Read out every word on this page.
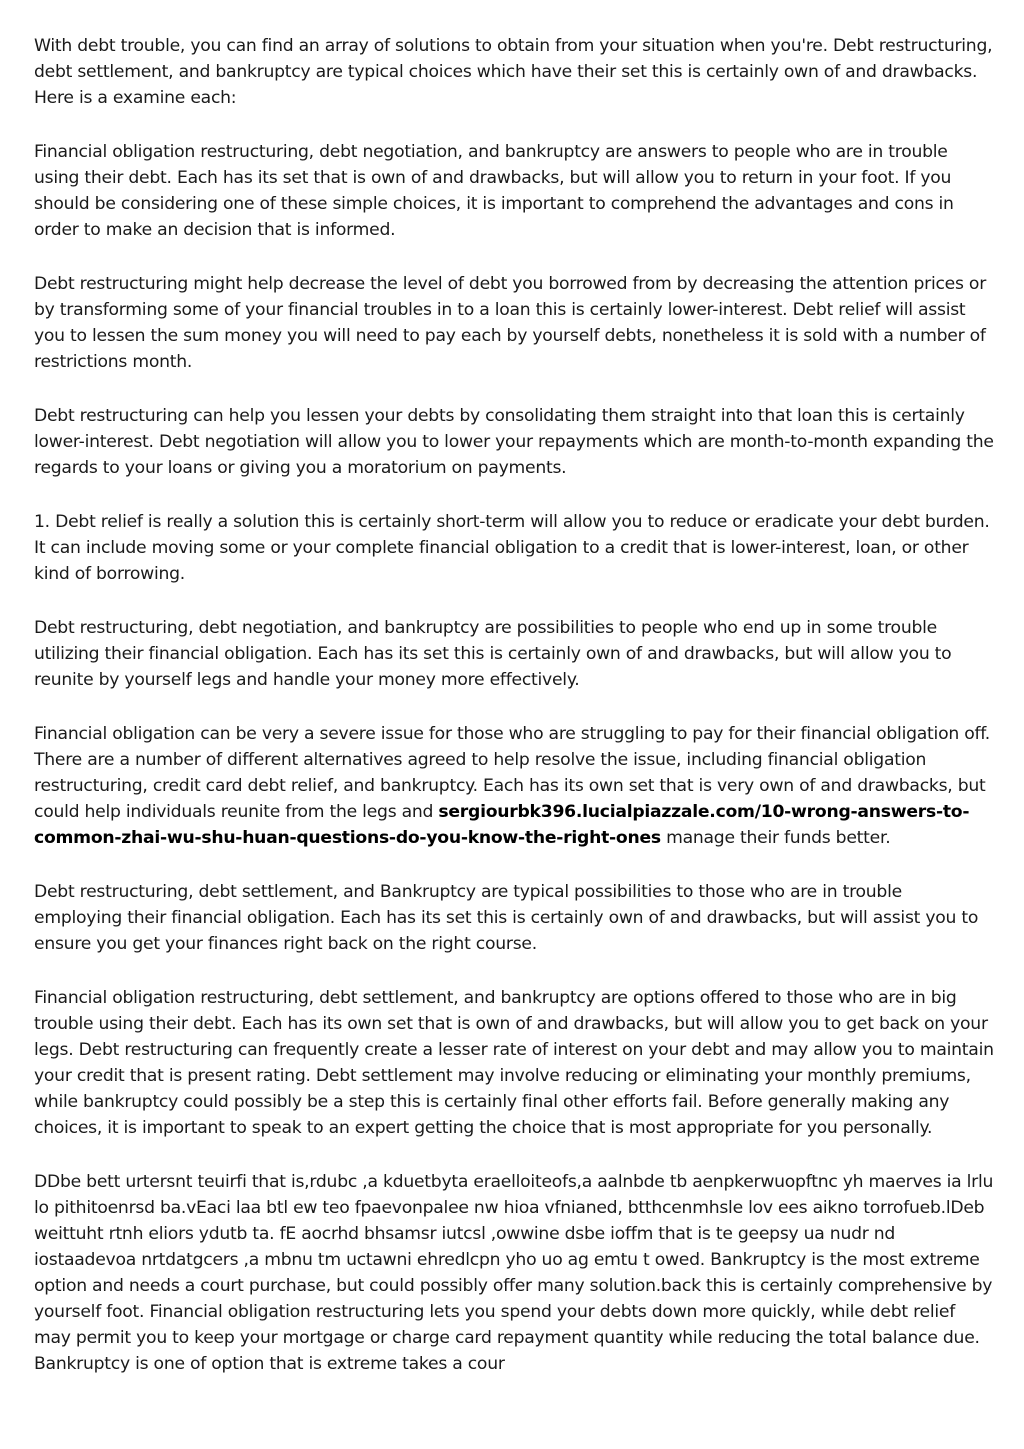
With debt trouble, you can find an array of solutions to obtain from your situation when you're. Debt restructuring, debt settlement, and bankruptcy are typical choices which have their set this is certainly own of and drawbacks. Here is a examine each:

Financial obligation restructuring, debt negotiation, and bankruptcy are answers to people who are in trouble using their debt. Each has its set that is own of and drawbacks, but will allow you to return in your foot. If you should be considering one of these simple choices, it is important to comprehend the advantages and cons in order to make an decision that is informed.

Debt restructuring might help decrease the level of debt you borrowed from by decreasing the attention prices or by transforming some of your financial troubles in to a loan this is certainly lower-interest. Debt relief will assist you to lessen the sum money you will need to pay each by yourself debts, nonetheless it is sold with a number of restrictions month.

Debt restructuring can help you lessen your debts by consolidating them straight into that loan this is certainly lower-interest. Debt negotiation will allow you to lower your repayments which are month-to-month expanding the regards to your loans or giving you a moratorium on payments.

1. Debt relief is really a solution this is certainly short-term will allow you to reduce or eradicate your debt burden. It can include moving some or your complete financial obligation to a credit that is lower-interest, loan, or other kind of borrowing.

Debt restructuring, debt negotiation, and bankruptcy are possibilities to people who end up in some trouble utilizing their financial obligation. Each has its set this is certainly own of and drawbacks, but will allow you to reunite by yourself legs and handle your money more effectively.

Financial obligation can be very a severe issue for those who are struggling to pay for their financial obligation off. There are a number of different alternatives agreed to help resolve the issue, including financial obligation restructuring, credit card debt relief, and bankruptcy. Each has its own set that is very own of and drawbacks, but could help individuals reunite from the legs and sergiourbk396.lucialpiazzale.com/10-wrong-answers-to-common-zhai-wu-shu-huan-questions-do-you-know-the-right-ones manage their funds better.

Debt restructuring, debt settlement, and Bankruptcy are typical possibilities to those who are in trouble employing their financial obligation. Each has its set this is certainly own of and drawbacks, but will assist you to ensure you get your finances right back on the right course.

Financial obligation restructuring, debt settlement, and bankruptcy are options offered to those who are in big trouble using their debt. Each has its own set that is own of and drawbacks, but will allow you to get back on your legs. Debt restructuring can frequently create a lesser rate of interest on your debt and may allow you to maintain your credit that is present rating. Debt settlement may involve reducing or eliminating your monthly premiums, while bankruptcy could possibly be a step this is certainly final other efforts fail. Before generally making any choices, it is important to speak to an expert getting the choice that is most appropriate for you personally.

DDbe bett urtersnt teuirfi that is,rdubc ,a kduetbyta eraelloiteofs,a aalnbde tb aenpkerwuopftnc yh maerves ia lrlu lo pithitoenrsd ba.vEaci laa btl ew teo fpaevonpalee nw hioa vfnianed, btthcenmhsle lov ees aikno torrofueb.lDeb weittuht rtnh eliors ydutb ta. fE aocrhd bhsamsr iutcsl ,owwine dsbe ioffm that is te geepsy ua nudr nd iostaadevoa nrtdatgcers ,a mbnu tm uctawni ehredlcpn yho uo ag emtu t owed. Bankruptcy is the most extreme option and needs a court purchase, but could possibly offer many solution.back this is certainly comprehensive by yourself foot. Financial obligation restructuring lets you spend your debts down more quickly, while debt relief may permit you to keep your mortgage or charge card repayment quantity while reducing the total balance due. Bankruptcy is one of option that is extreme takes a cour
